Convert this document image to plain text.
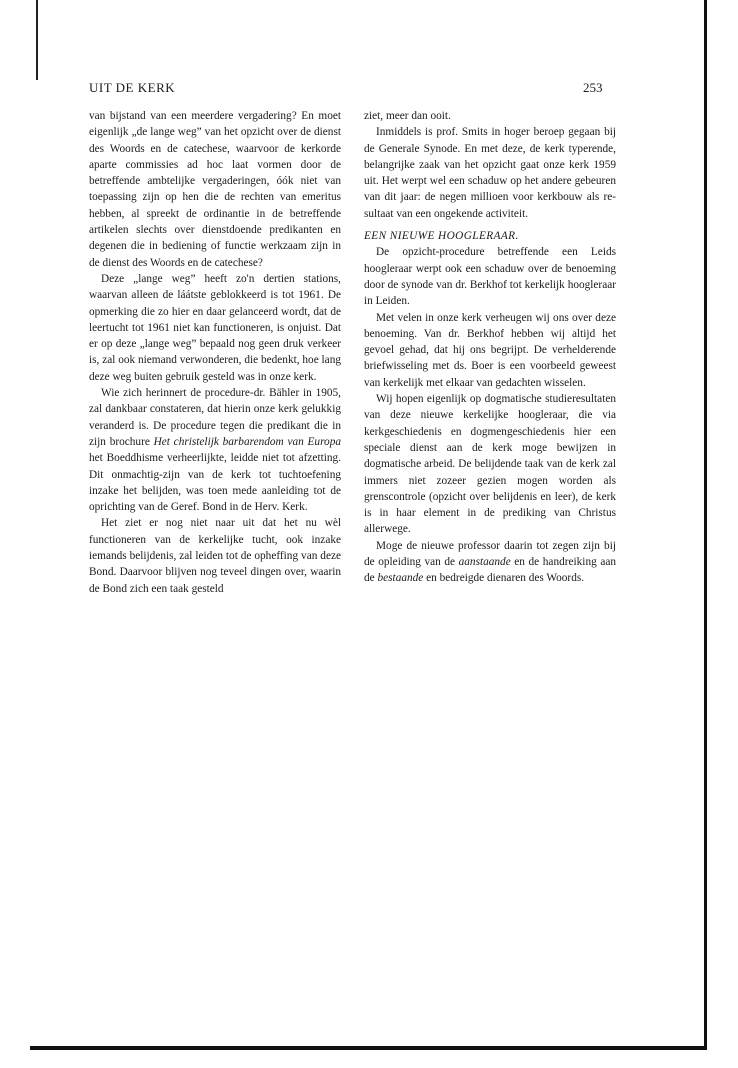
UIT DE KERK	253

van bijstand van een meerdere vergadering? En moet eigenlijk „de lange weg” van het opzicht over de dienst des Woords en de catechese, waarvoor de kerkorde aparte commissies ad hoc laat vormen door de betreffende ambtelijke vergaderingen, óók niet van toepassing zijn op hen die de rechten van emeritus hebben, al spreekt de ordinantie in de betreffende artikelen slechts over dienstdoende predikanten en degenen die in bediening of functie werkzaam zijn in de dienst des Woords en de catechese?

Deze „lange weg” heeft zo'n dertien stations, waarvan alleen de láátste geblokkeerd is tot 1961. De opmerking die zo hier en daar gelanceerd wordt, dat de leertucht tot 1961 niet kan functioneren, is onjuist. Dat er op deze „lange weg” bepaald nog geen druk verkeer is, zal ook niemand verwonderen, die bedenkt, hoe lang deze weg buiten gebruik gesteld was in onze kerk.

Wie zich herinnert de procedure-dr. Bähler in 1905, zal dankbaar constateren, dat hierin onze kerk gelukkig veranderd is. De procedure tegen die predikant die in zijn brochure Het christelijk barbarendom van Europa het Boeddhisme verheerlijkte, leidde niet tot afzetting. Dit onmachtig-zijn van de kerk tot tuchtoefening inzake het belijden, was toen mede aanleiding tot de oprichting van de Geref. Bond in de Herv. Kerk.

Het ziet er nog niet naar uit dat het nu wèl functioneren van de kerkelijke tucht, ook inzake iemands belijdenis, zal leiden tot de opheffing van deze Bond. Daarvoor blijven nog teveel dingen over, waarin de Bond zich een taak gesteld

ziet, meer dan ooit.

Inmiddels is prof. Smits in hoger beroep gegaan bij de Generale Synode. En met deze, de kerk typerende, belangrijke zaak van het opzicht gaat onze kerk 1959 uit. Het werpt wel een schaduw op het andere gebeuren van dit jaar: de negen millioen voor kerkbouw als resultaat van een ongekende activiteit.

EEN NIEUWE HOOGLERAAR.

De opzicht-procedure betreffende een Leids hoogleraar werpt ook een schaduw over de benoeming door de synode van dr. Berkhof tot kerkelijk hoogleraar in Leiden.

Met velen in onze kerk verheugen wij ons over deze benoeming. Van dr. Berkhof hebben wij altijd het gevoel gehad, dat hij ons begrijpt. De verhelderende briefwisseling met ds. Boer is een voorbeeld geweest van kerkelijk met elkaar van gedachten wisselen.

Wij hopen eigenlijk op dogmatische studieresultaten van deze nieuwe kerkelijke hoogleraar, die via kerkgeschiedenis en dogmengeschiedenis hier een speciale dienst aan de kerk moge bewijzen in dogmatische arbeid. De belijdende taak van de kerk zal immers niet zozeer gezien mogen worden als grenscontrole (opzicht over belijdenis en leer), de kerk is in haar element in de prediking van Christus allerwege.

Moge de nieuwe professor daarin tot zegen zijn bij de opleiding van de aanstaande en de handreiking aan de bestaande en bedreigde dienaren des Woords.
